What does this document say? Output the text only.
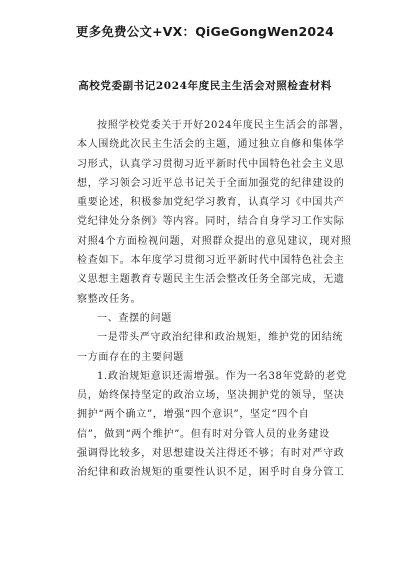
更多免费公文+VX：QiGeGongWen2024
高校党委副书记2024年度民主生活会对照检查材料
按照学校党委关于开好2024年度民主生活会的部署，
本人围绕此次民主生活会的主题，通过独立自修和集体学
习形式，认真学习贯彻习近平新时代中国特色社会主义思
想，学习领会习近平总书记关于全面加强党的纪律建设的
重要论述，积极参加党纪学习教育，认真学习《中国共产
党纪律处分条例》等内容。同时，结合自身学习工作实际
对照4个方面检视问题，对照群众提出的意见建议，现对照
检查如下。本年度学习贯彻习近平新时代中国特色社会主
义思想主题教育专题民主生活会整改任务全部完成，无遗
察整改任务。
一、查摆的问题
一是带头严守政治纪律和政治规矩，维护党的团结统
一方面存在的主要问题
1.政治规矩意识还需增强。作为一名38年党龄的老党
员，始终保持坚定的政治立场，坚决拥护党的领导，坚决
拥护“两个确立”，增强“四个意识”，坚定“四个自
信”，做到“两个维护”。但有时对分管人员的业务建设
强调得比较多，对思想建设关注得还不够；有时对严守政
治纪律和政治规矩的重要性认识不足，困乎时自身分管工
